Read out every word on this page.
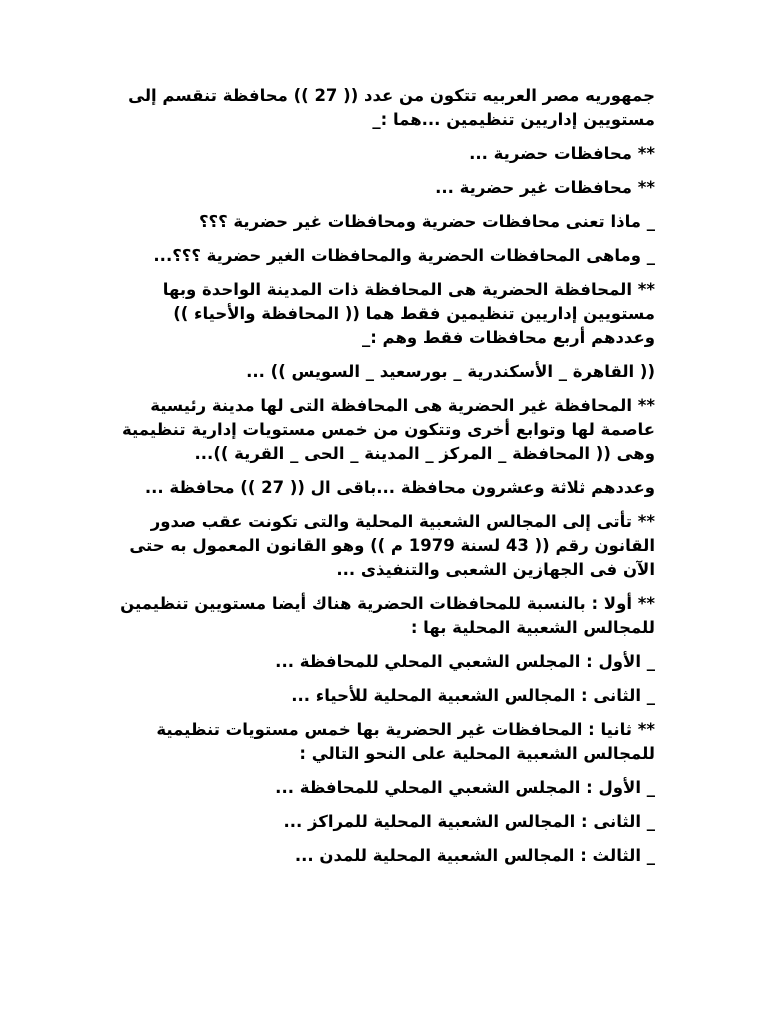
جمهوريه مصر العربيه تتكون من عدد (( 27 )) محافظة تنقسم إلى مستويين إداريين تنظيمين ...هما :_

** محافظات حضرية ...

** محافظات غير حضرية ...

_ ماذا تعنى محافظات حضرية ومحافظات غير حضرية ؟؟؟

_ وماهى المحافظات الحضرية والمحافظات الغير حضرية ؟؟؟...

** المحافظة الحضرية هى المحافظة ذات المدينة الواحدة وبها مستويين إداريين تنظيمين فقط هما (( المحافظة والأحياء )) وعددهم أربع محافظات فقط وهم :_

(( القاهرة _ الأسكندرية _ بورسعيد _ السويس )) ...

** المحافظة غير الحضرية هى المحافظة التى لها مدينة رئيسية عاصمة لها وتوابع أخرى وتتكون من خمس مستويات إدارية تنظيمية وهى (( المحافظة _ المركز _ المدينة _ الحى _ القرية ))...

وعددهم ثلاثة وعشرون محافظة ...باقى ال (( 27 )) محافظة ...

** تأتى إلى المجالس الشعبية المحلية والتى تكونت عقب صدور القانون رقم (( 43 لسنة 1979 م )) وهو القانون المعمول به حتى الآن فى الجهازين الشعبى والتنفيذى ...

** أولا : بالنسبة للمحافظات الحضرية هناك أيضا مستويين تنظيمين للمجالس الشعبية المحلية بها :

_ الأول : المجلس الشعبي المحلي للمحافظة ...

_ الثانى : المجالس الشعبية المحلية للأحياء ...

** ثانيا : المحافظات غير الحضرية بها خمس مستويات تنظيمية للمجالس الشعبية المحلية على النحو التالي :

_ الأول : المجلس الشعبي المحلي للمحافظة ...

_ الثانى : المجالس الشعبية المحلية للمراكز ...

_ الثالث : المجالس الشعبية المحلية للمدن ...
